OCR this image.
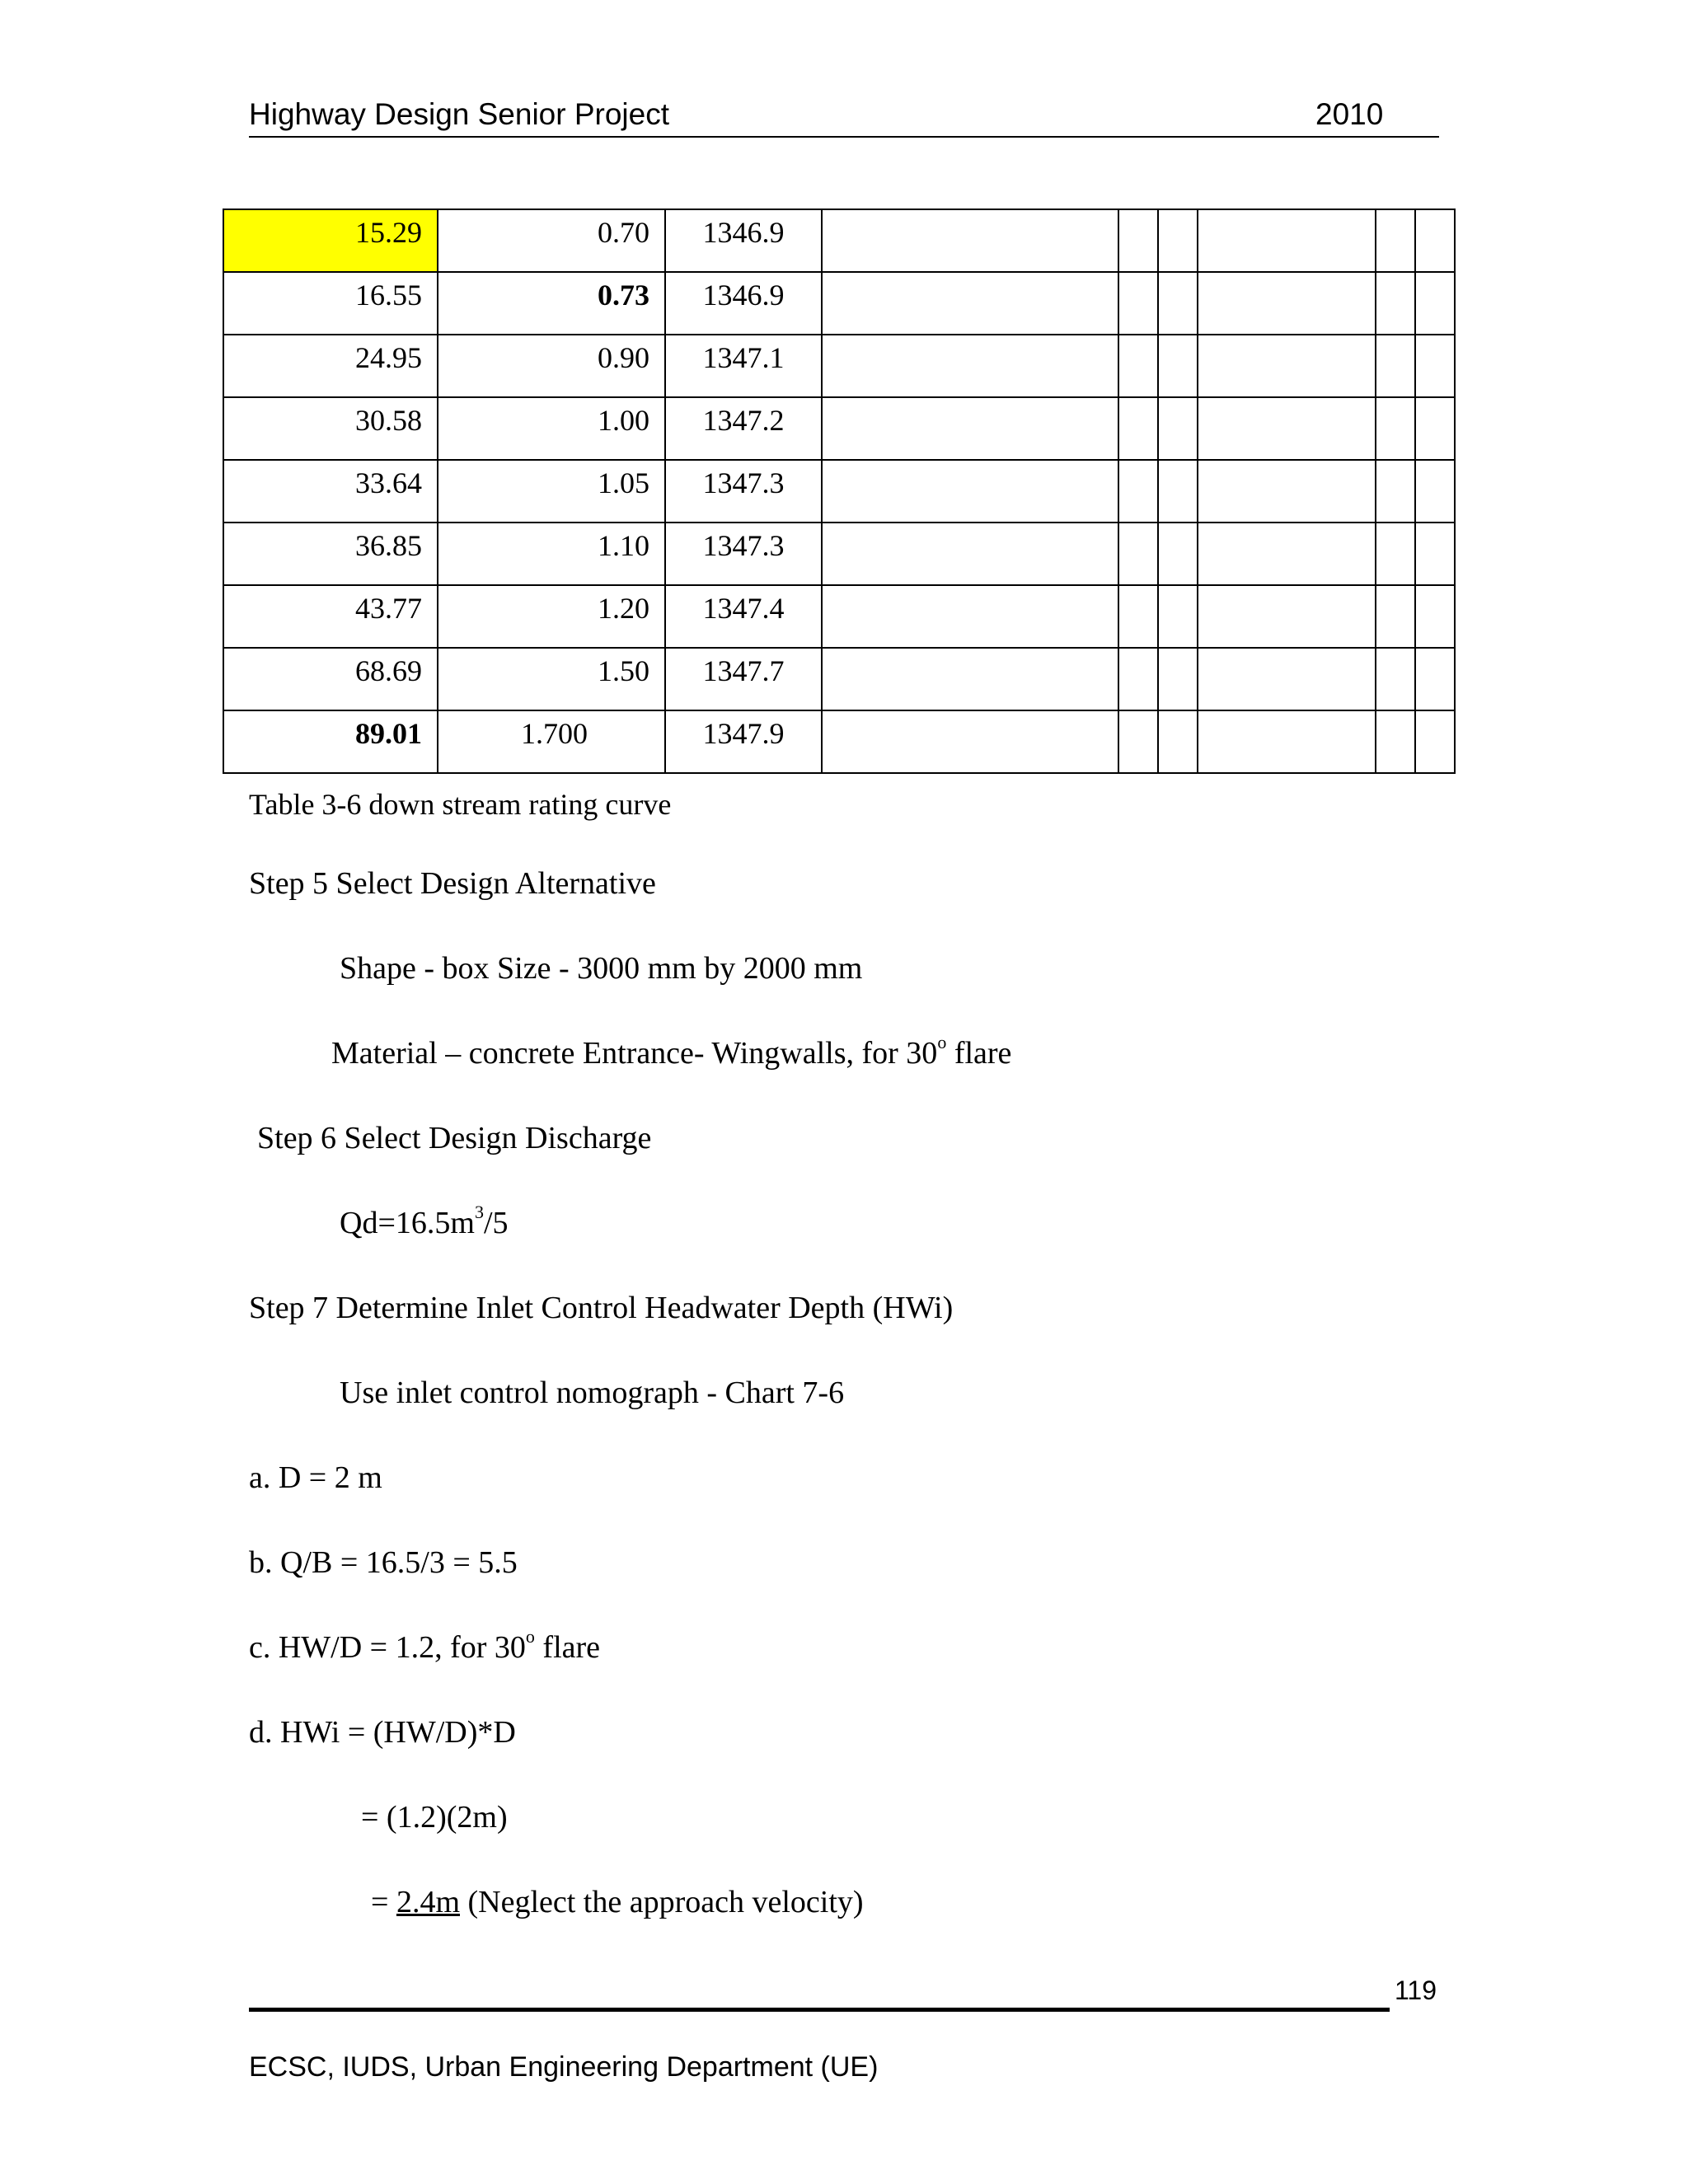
Highway Design Senior Project	2010
15.29	0.70	1346.9						

16.55	0.73	1346.9						

24.95	0.90	1347.1						

30.58	1.00	1347.2						

33.64	1.05	1347.3						

36.85	1.10	1347.3						

43.77	1.20	1347.4						

68.69	1.50	1347.7						

89.01	1.700	1347.9						

Table 3-6 down stream rating curve
Step 5 Select Design Alternative
Shape - box Size - 3000 mm by 2000 mm
Material – concrete Entrance- Wingwalls, for 30$^o$ flare
Step 6 Select Design Discharge
$Qd=16.5m^3/5$
Step 7 Determine Inlet Control Headwater Depth (HWi)
Use inlet control nomograph - Chart 7-6
a. D = 2 m
b. Q/B = 16.5/3 = 5.5
c. HW/D = 1.2, for 30$^o$ flare
d. HWi = (HW/D)*D
= (1.2)(2m)
= 2.4m (Neglect the approach velocity)
119
ECSC, IUDS, Urban Engineering Department (UE)
